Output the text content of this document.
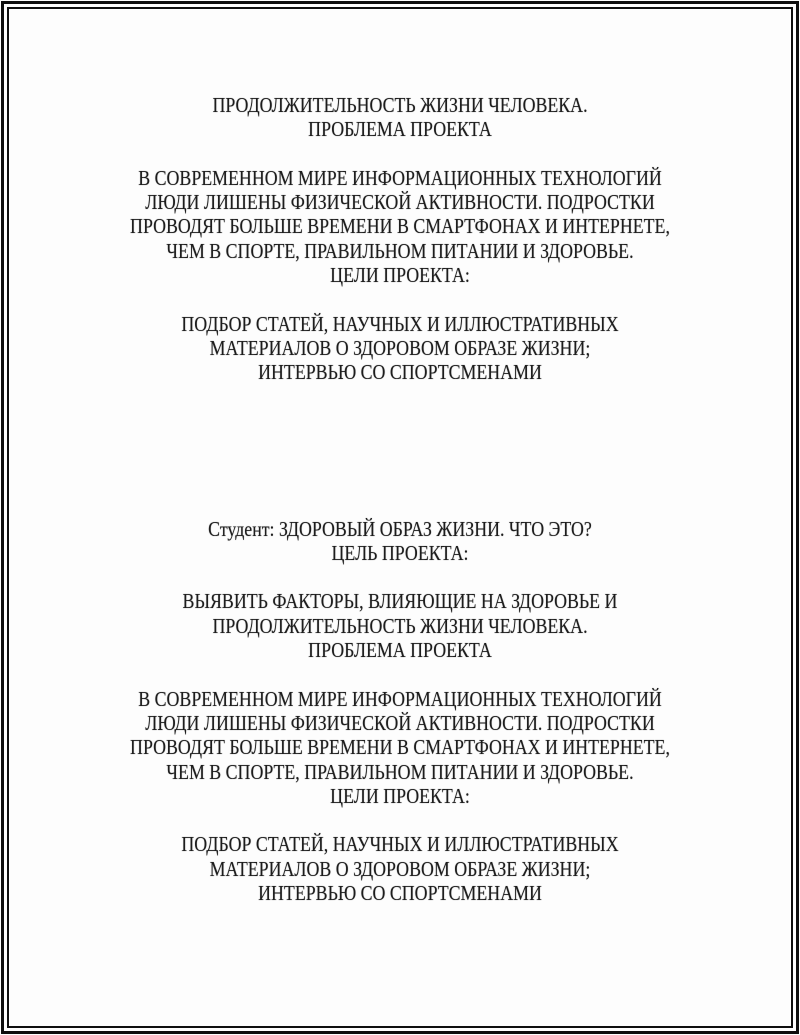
ПРОДОЛЖИТЕЛЬНОСТЬ ЖИЗНИ ЧЕЛОВЕКА.
ПРОБЛЕМА ПРОЕКТА
В СОВРЕМЕННОМ МИРЕ ИНФОРМАЦИОННЫХ ТЕХНОЛОГИЙ
ЛЮДИ ЛИШЕНЫ ФИЗИЧЕСКОЙ АКТИВНОСТИ. ПОДРОСТКИ
ПРОВОДЯТ БОЛЬШЕ ВРЕМЕНИ В СМАРТФОНАХ И ИНТЕРНЕТЕ,
ЧЕМ В СПОРТЕ, ПРАВИЛЬНОМ ПИТАНИИ И ЗДОРОВЬЕ.
ЦЕЛИ ПРОЕКТА:
ПОДБОР СТАТЕЙ, НАУЧНЫХ И ИЛЛЮСТРАТИВНЫХ
МАТЕРИАЛОВ О ЗДОРОВОМ ОБРАЗЕ ЖИЗНИ;
ИНТЕРВЬЮ СО СПОРТСМЕНАМИ
Студент: ЗДОРОВЫЙ ОБРАЗ ЖИЗНИ. ЧТО ЭТО?
ЦЕЛЬ ПРОЕКТА:
ВЫЯВИТЬ ФАКТОРЫ, ВЛИЯЮЩИЕ НА ЗДОРОВЬЕ И
ПРОДОЛЖИТЕЛЬНОСТЬ ЖИЗНИ ЧЕЛОВЕКА.
ПРОБЛЕМА ПРОЕКТА
В СОВРЕМЕННОМ МИРЕ ИНФОРМАЦИОННЫХ ТЕХНОЛОГИЙ
ЛЮДИ ЛИШЕНЫ ФИЗИЧЕСКОЙ АКТИВНОСТИ. ПОДРОСТКИ
ПРОВОДЯТ БОЛЬШЕ ВРЕМЕНИ В СМАРТФОНАХ И ИНТЕРНЕТЕ,
ЧЕМ В СПОРТЕ, ПРАВИЛЬНОМ ПИТАНИИ И ЗДОРОВЬЕ.
ЦЕЛИ ПРОЕКТА:
ПОДБОР СТАТЕЙ, НАУЧНЫХ И ИЛЛЮСТРАТИВНЫХ
МАТЕРИАЛОВ О ЗДОРОВОМ ОБРАЗЕ ЖИЗНИ;
ИНТЕРВЬЮ СО СПОРТСМЕНАМИ
